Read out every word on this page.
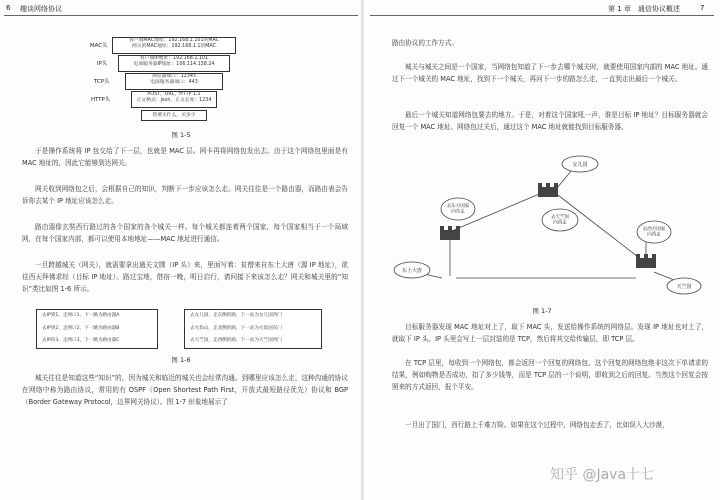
6 趣谈网络协议
MAC头
客户端MAC地址：192.168.1.101的MAC
网关的MAC地址：192.168.1.1的MAC
IP头
客户端IP地址：192.168.1.101
电商服务器IP地址：106.114.138.24
TCP头
浏览器端口：12345
电商服务器端口：443
HTTP头
POST，URL，HTTP 1.1
正文格式：json，正文长度：1234
我要买什么，买多少
图 1-5

于是操作系统将 IP 包交给了下一层，也就是 MAC 层。网卡再将网络包发出去。由于这个网络包里面是有 MAC 地址的，因此它能够到达网关。

网关收到网络包之后，会根据自己的知识，判断下一步应该怎么走。网关往往是一个路由器，而路由表会告诉你去某个 IP 地址应该怎么走。

路由器像玄奘西行路过的各个国家的各个城关一样。每个城关都连着两个国家，每个国家相当于一个局域网，在每个国家内部，都可以使用本地地址——MAC 地址进行通信。

一旦跨越城关（网关），就需要拿出通关文牒（IP 头）来，里面写着：贫僧来自东土大唐（源 IP 地址），欲往西天拜佛求经（目标 IP 地址）。路过宝地，借宿一晚，明日启行，请问接下来该怎么走？网关和城关里的“知识”类比如图 1-6 所示。

去IP到1，走网口1，下一跳为路由器A
去IP到2，走网口2，下一跳为路由器B
去IP段3，走网口3，下一跳为路由器C
去女儿国，走东侧的路，下一站为女儿国西门
去火焰山，走北侧的路，下一站为火焰国东门
去天竺国，走西侧的路，下一站为天竺国西门
图 1-6

城关往往是知道这些“知识”的，因为城关和临近的城关也会经常沟通。到哪里应该怎么走，这种沟通的协议在网络中称为路由协议，常用的有 OSPF（Open Shortest Path First，开放式最短路径优先）协议和 BGP（Border Gateway Protocol，边界网关协议）。图 1-7 形象地展示了

第 1 章　通信协议概述	7

路由协议的工作方式。

城关与城关之间是一个国家，当网络包知道了下一步去哪个城关时，就要使用国家内部的 MAC 地址。通过下一个城关的 MAC 地址，找到下一个城关，再问下一步的路怎么走，一直到走出最后一个城关。

最后一个城关知道网络包要去的地方。于是，对着这个国家吼一声，谁是目标 IP 地址？目标服务器就会回复一个 MAC 地址。网络包过关后，通过这个 MAC 地址就能找到目标服务器。

女儿国
东土大唐
天竺国
去天竺国向西走
去东方国家向东走
去西方国家向西走
图 1-7

目标服务器发现 MAC 地址对上了，取下 MAC 头，发送给操作系统的网络层。发现 IP 地址也对上了，就取下 IP 头。IP 头里会写上一层封装的是 TCP，然后将其交给传输层，即 TCP 层。

在 TCP 层里，每收到一个网络包，都会返回一个回复的网络包，这个回复的网络包绝非这次下单请求的结果，例如购物是否成功，扣了多少钱等，而是 TCP 层的一个说明，即收到之后的回复。当然这个回复会按照来的方式返回，报个平安。

一旦出了国门，西行路上千难万险。如果在这个过程中，网络包走丢了，比如误入大沙漠，

知乎 @Java十七
